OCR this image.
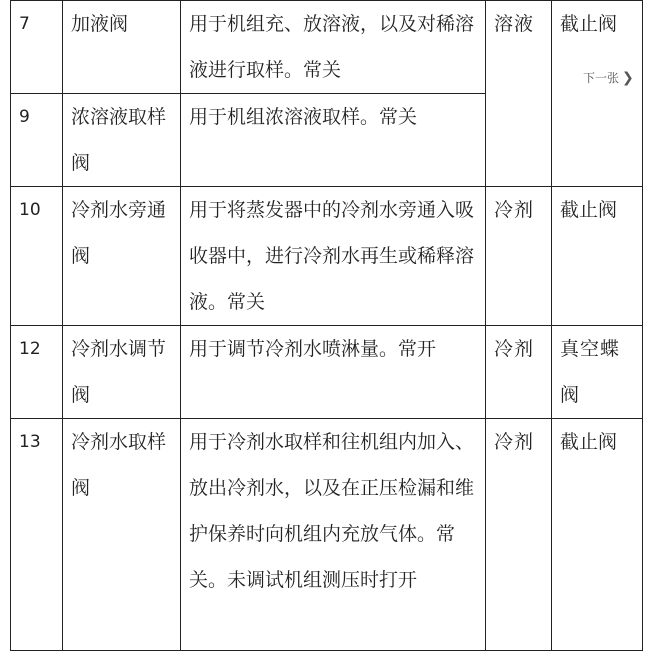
7	加液阀	用于机组充、放溶液，以及对稀溶液进行取样。常关	溶液	截止阀
9	浓溶液取样阀	用于机组浓溶液取样。常关		
10	冷剂水旁通阀	用于将蒸发器中的冷剂水旁通入吸收器中，进行冷剂水再生或稀释溶液。常关	冷剂	截止阀
12	冷剂水调节阀	用于调节冷剂水喷淋量。常开	冷剂	真空蝶阀
13	冷剂水取样阀	用于冷剂水取样和往机组内加入、放出冷剂水，以及在正压检漏和维护保养时向机组内充放气体。常关。未调试机组测压时打开	冷剂	截止阀
下一张 ❯
